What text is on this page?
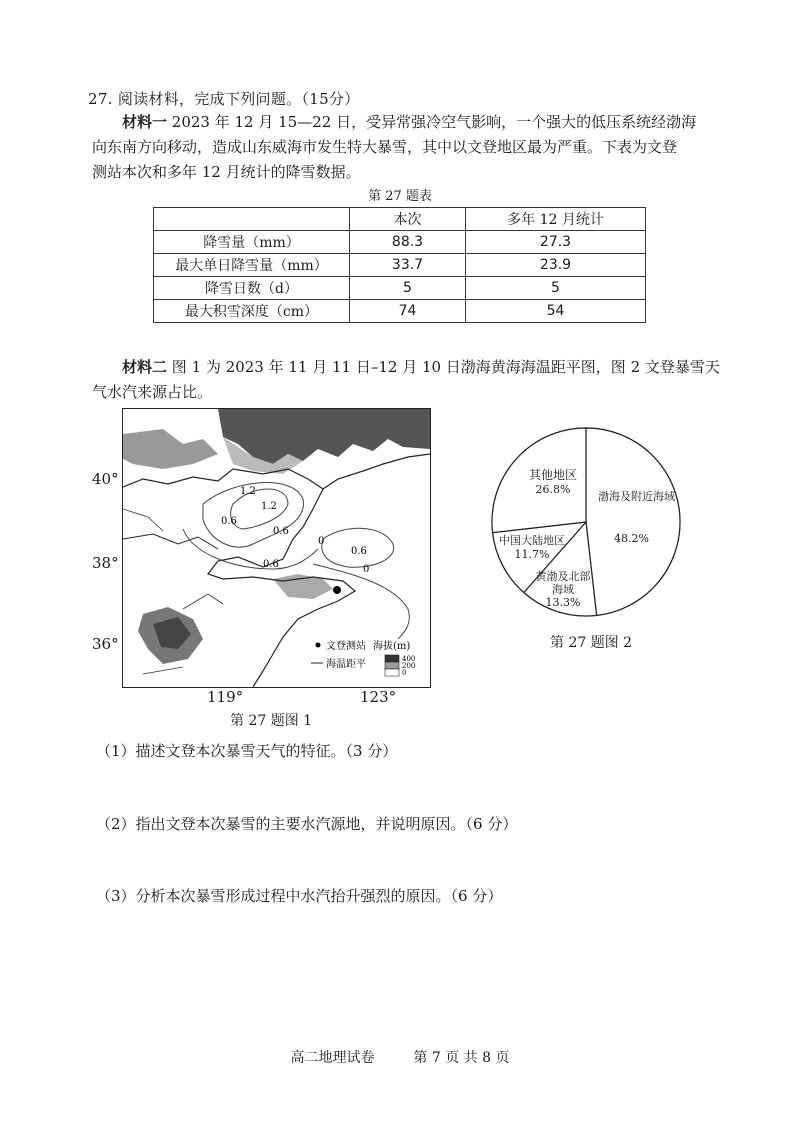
27. 阅读材料，完成下列问题。（15分）
材料一 2023 年 12 月 15—22 日，受异常强冷空气影响，一个强大的低压系统经渤海
向东南方向移动，造成山东威海市发生特大暴雪，其中以文登地区最为严重。下表为文登
测站本次和多年 12 月统计的降雪数据。
第 27 题表
	本次	多年 12 月统计
降雪量（mm）	88.3	27.3
最大单日降雪量（mm）	33.7	23.9
降雪日数（d）	5	5
最大积雪深度（cm）	74	54
材料二 图 1 为 2023 年 11 月 11 日–12 月 10 日渤海黄海海温距平图，图 2 文登暴雪天
气水汽来源占比。
1.2
1.2
0.6
0.6
0.6
0.6
0
0
文登测站 海拔(m)
海温距平	400
200
0
40°
38°
36°
119°	123°
第 27 题图 1
其他地区
26.8%
渤海及附近海域
48.2%
中国大陆地区
11.7%
黄渤及北部
海域
13.3%
第 27 题图 2
（1）描述文登本次暴雪天气的特征。（3 分）
（2）指出文登本次暴雪的主要水汽源地，并说明原因。（6 分）
（3）分析本次暴雪形成过程中水汽抬升强烈的原因。（6 分）
高二地理试卷	第 7 页 共 8 页
